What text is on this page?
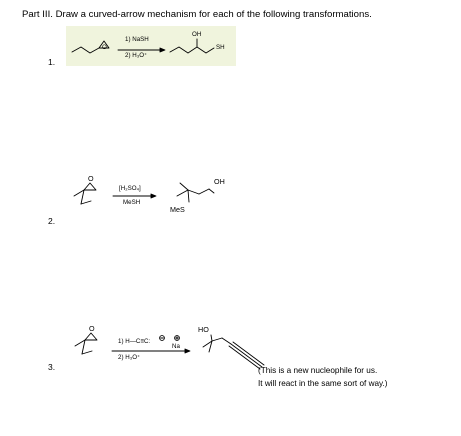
Part III. Draw a curved-arrow mechanism for each of the following transformations.
1.
2.
3.
O
1) NaSH
2) H₃O⁺
OH
SH
O
[H₂SO₄]
MeSH
OH
MeS
O
1) H—C≡C:
Na
2) H₃O⁺
HO
(This is a new nucleophile for us.
It will react in the same sort of way.)
